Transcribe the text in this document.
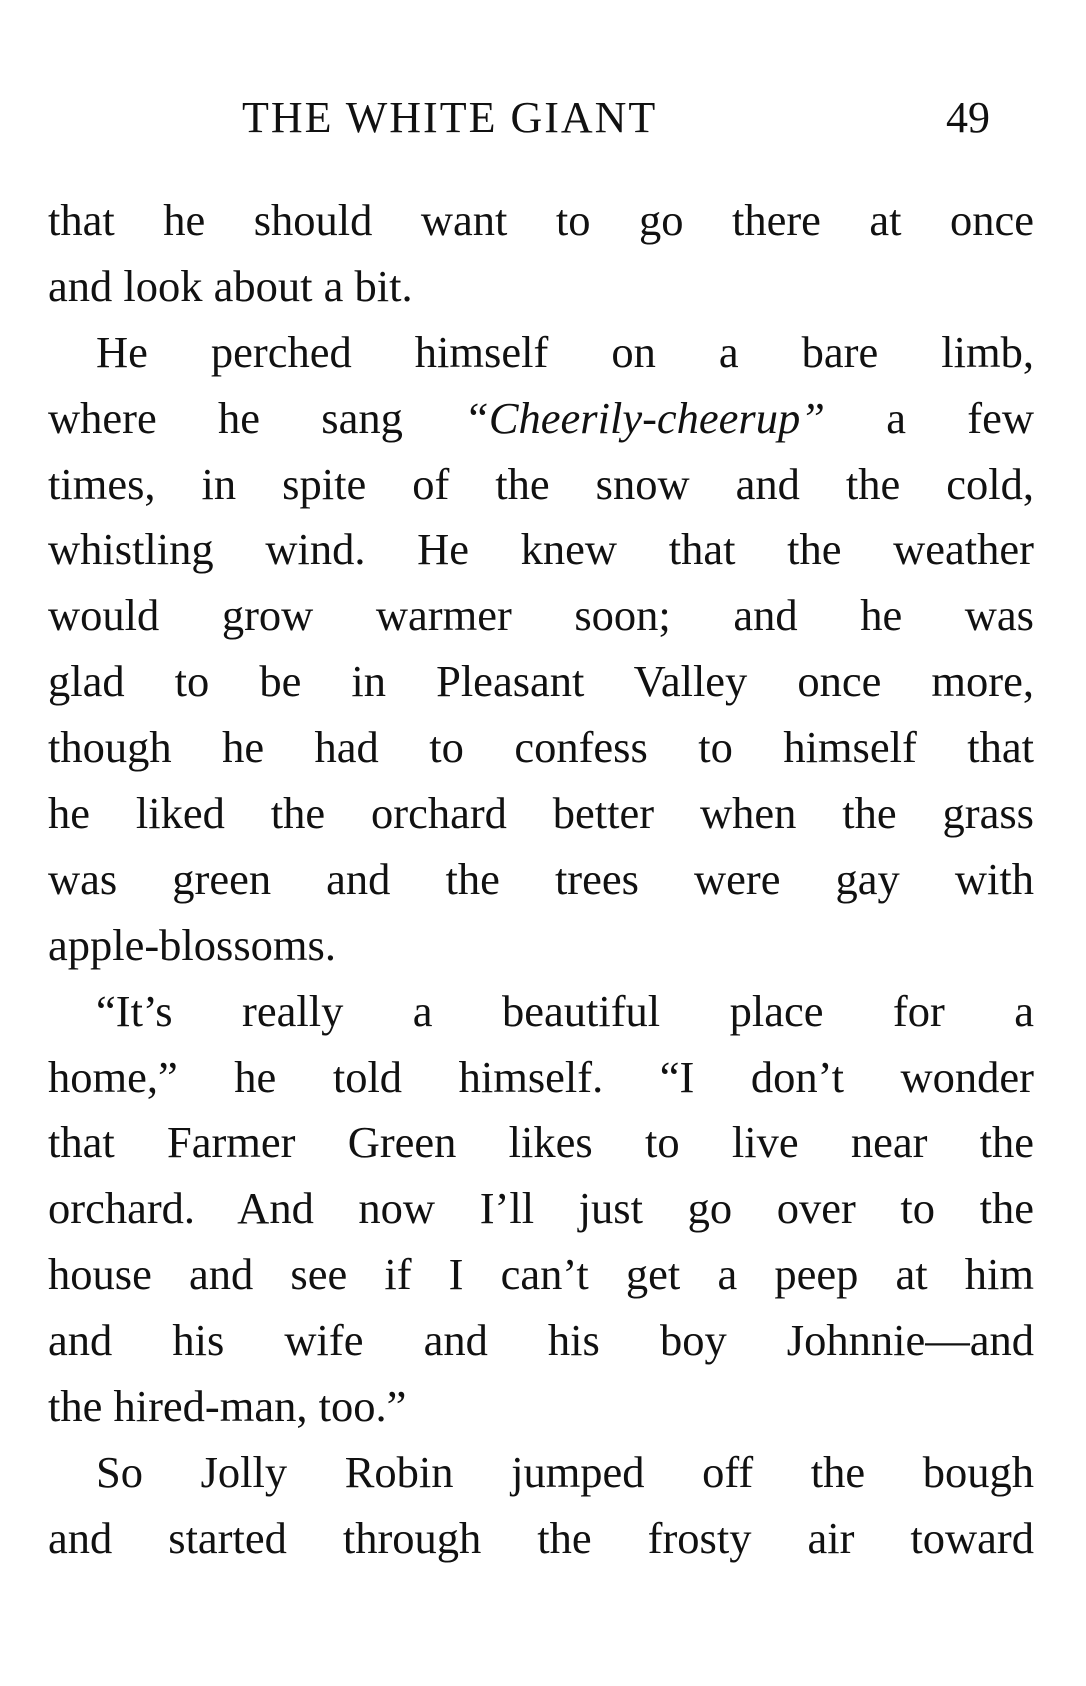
THE WHITE GIANT	49
that he should want to go there at once
and look about a bit.
He perched himself on a bare limb,
where he sang “Cheerily-cheerup” a few
times, in spite of the snow and the cold,
whistling wind. He knew that the weather
would grow warmer soon; and he was
glad to be in Pleasant Valley once more,
though he had to confess to himself that
he liked the orchard better when the grass
was green and the trees were gay with
apple-blossoms.
“It’s really a beautiful place for a
home,” he told himself. “I don’t wonder
that Farmer Green likes to live near the
orchard. And now I’ll just go over to the
house and see if I can’t get a peep at him
and his wife and his boy Johnnie—and
the hired-man, too.”
So Jolly Robin jumped off the bough
and started through the frosty air toward
